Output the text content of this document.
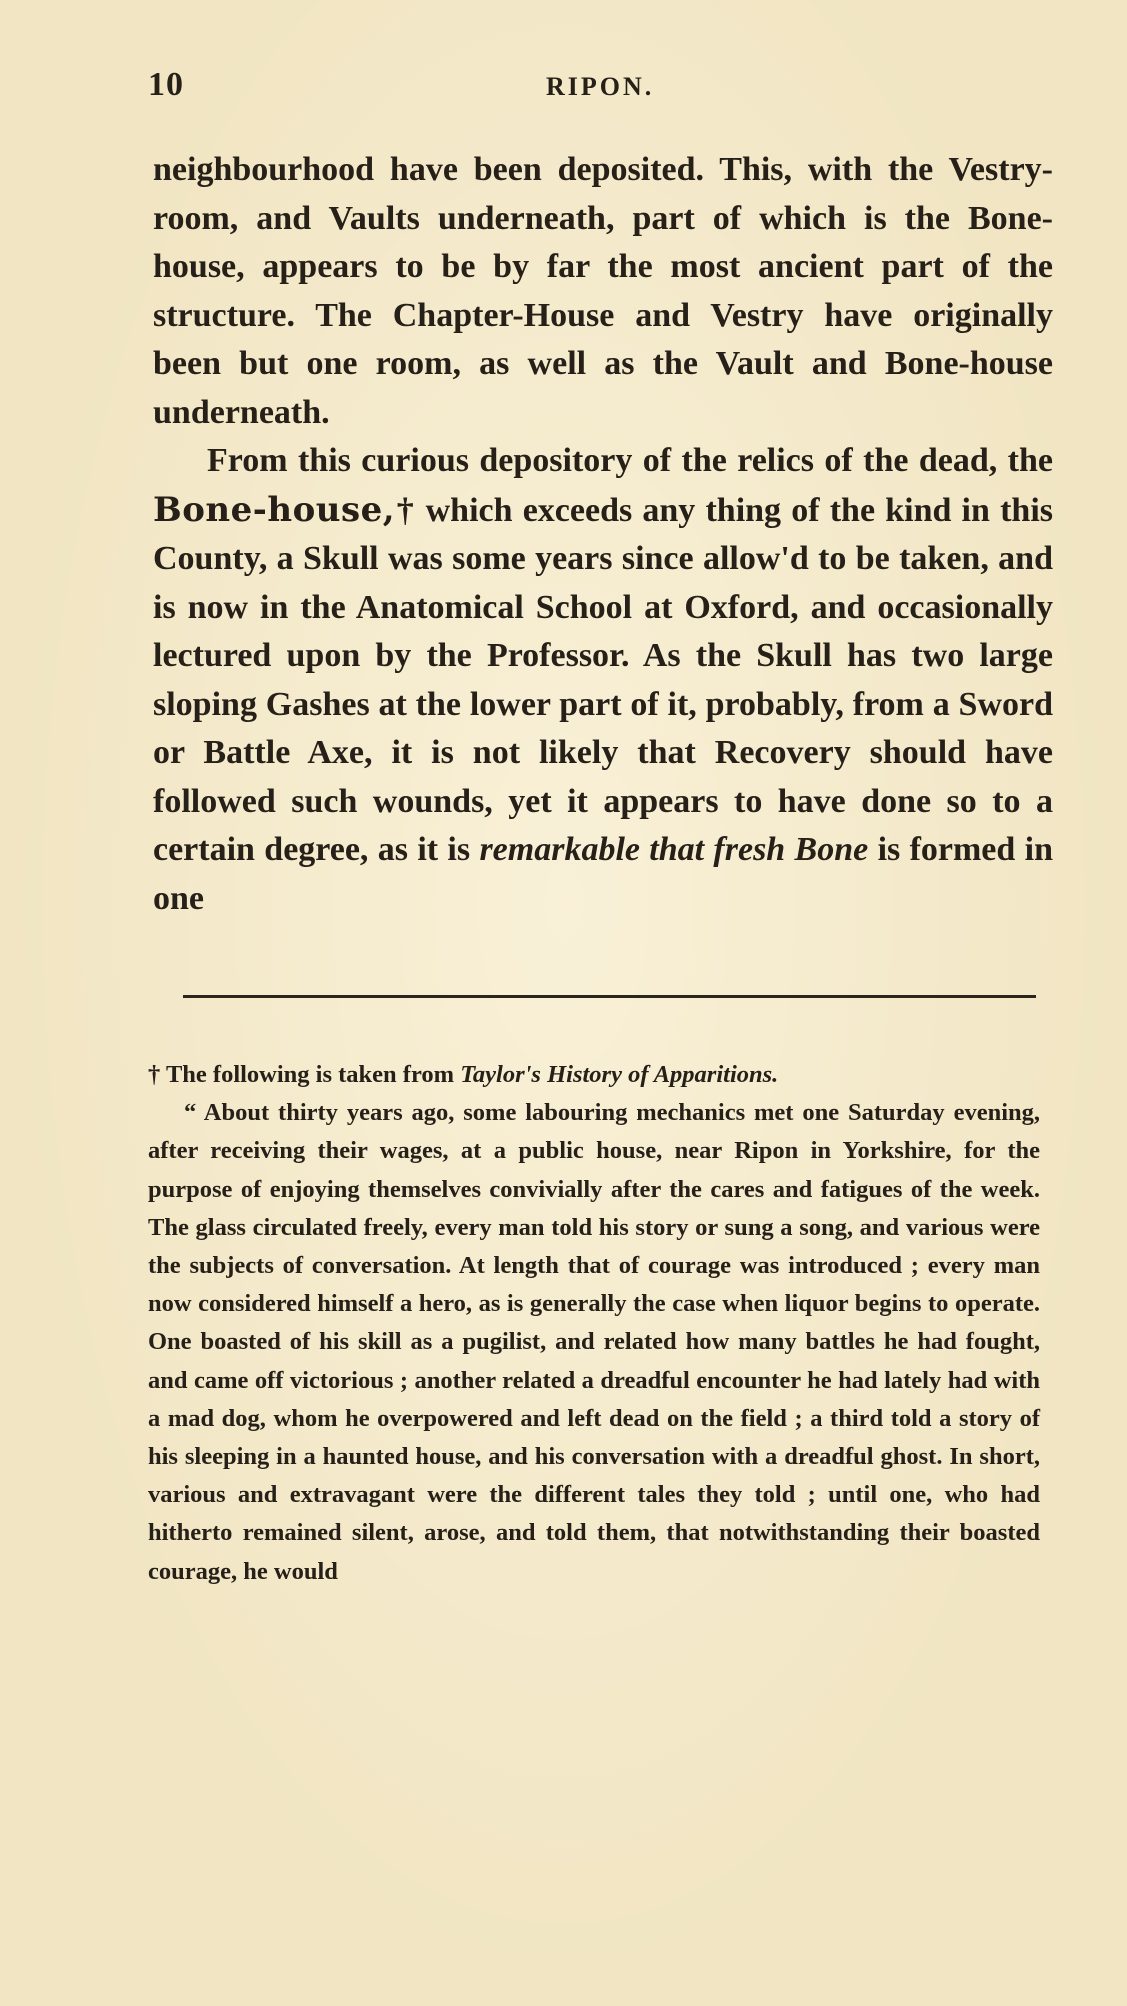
10	RIPON.

neighbourhood have been deposited. This, with the Vestry-room, and Vaults underneath, part of which is the Bone-house, appears to be by far the most ancient part of the structure. The Chapter-House and Vestry have originally been but one room, as well as the Vault and Bone-house underneath.

From this curious depository of the relics of the dead, the Bone-house,† which exceeds any thing of the kind in this County, a Skull was some years since allow'd to be taken, and is now in the Anatomical School at Oxford, and occasionally lectured upon by the Professor. As the Skull has two large sloping Gashes at the lower part of it, probably, from a Sword or Battle Axe, it is not likely that Recovery should have followed such wounds, yet it appears to have done so to a certain degree, as it is remarkable that fresh Bone is formed in one

† The following is taken from Taylor's History of Apparitions.

“ About thirty years ago, some labouring mechanics met one Saturday evening, after receiving their wages, at a public house, near Ripon in Yorkshire, for the purpose of enjoying themselves convivially after the cares and fatigues of the week. The glass circulated freely, every man told his story or sung a song, and various were the subjects of conversation. At length that of courage was introduced ; every man now considered himself a hero, as is generally the case when liquor begins to operate. One boasted of his skill as a pugilist, and related how many battles he had fought, and came off victorious ; another related a dreadful encounter he had lately had with a mad dog, whom he overpowered and left dead on the field ; a third told a story of his sleeping in a haunted house, and his conversation with a dreadful ghost. In short, various and extravagant were the different tales they told ; until one, who had hitherto remained silent, arose, and told them, that notwithstanding their boasted courage, he would
